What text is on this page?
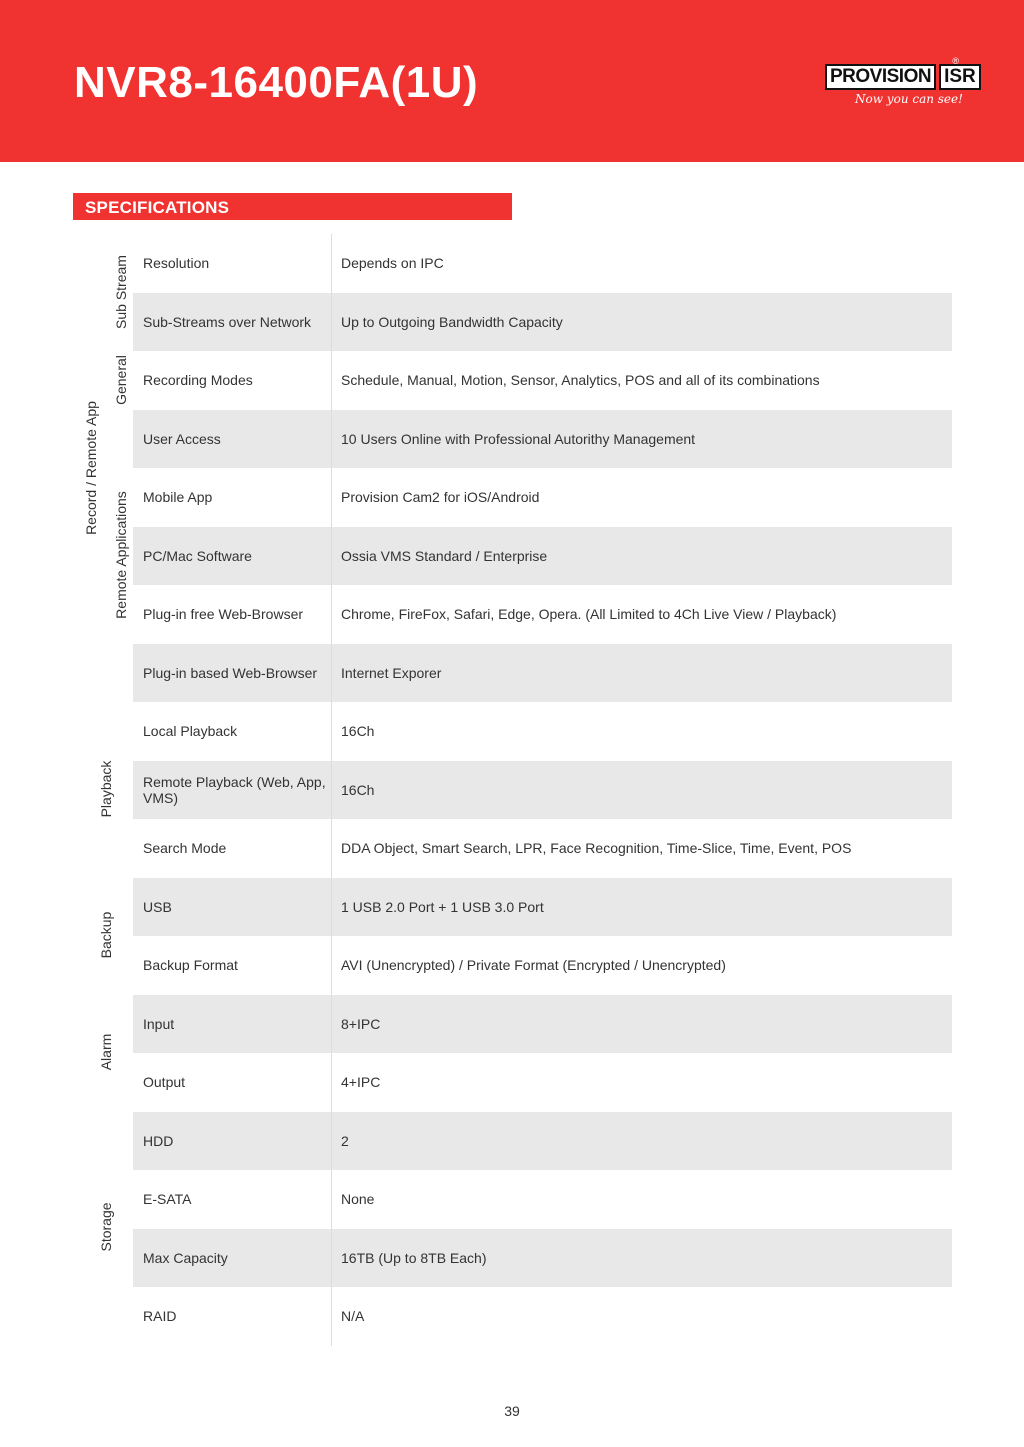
NVR8-16400FA(1U)	PROVISION ISR
®
Now you can see!
SPECIFICATIONS
Record / Remote App
Sub Stream
General
Remote Applications
Playback
Backup
Alarm
Storage
Resolution	Depends on IPC
Sub-Streams over Network	Up to Outgoing Bandwidth Capacity
Recording Modes	Schedule, Manual, Motion, Sensor, Analytics, POS and all of its combinations
User Access	10 Users Online with Professional Autorithy Management
Mobile App	Provision Cam2 for iOS/Android
PC/Mac Software	Ossia VMS Standard / Enterprise
Plug-in free Web-Browser	Chrome, FireFox, Safari, Edge, Opera. (All Limited to 4Ch Live View / Playback)
Plug-in based Web-Browser	Internet Exporer
Local Playback	16Ch
Remote Playback (Web, App, VMS)	16Ch
Search Mode	DDA Object, Smart Search, LPR, Face Recognition, Time-Slice, Time, Event, POS
USB	1 USB 2.0 Port + 1 USB 3.0 Port
Backup Format	AVI (Unencrypted) / Private Format (Encrypted / Unencrypted)
Input	8+IPC
Output	4+IPC
HDD	2
E-SATA	None
Max Capacity	16TB (Up to 8TB Each)
RAID	N/A
39
